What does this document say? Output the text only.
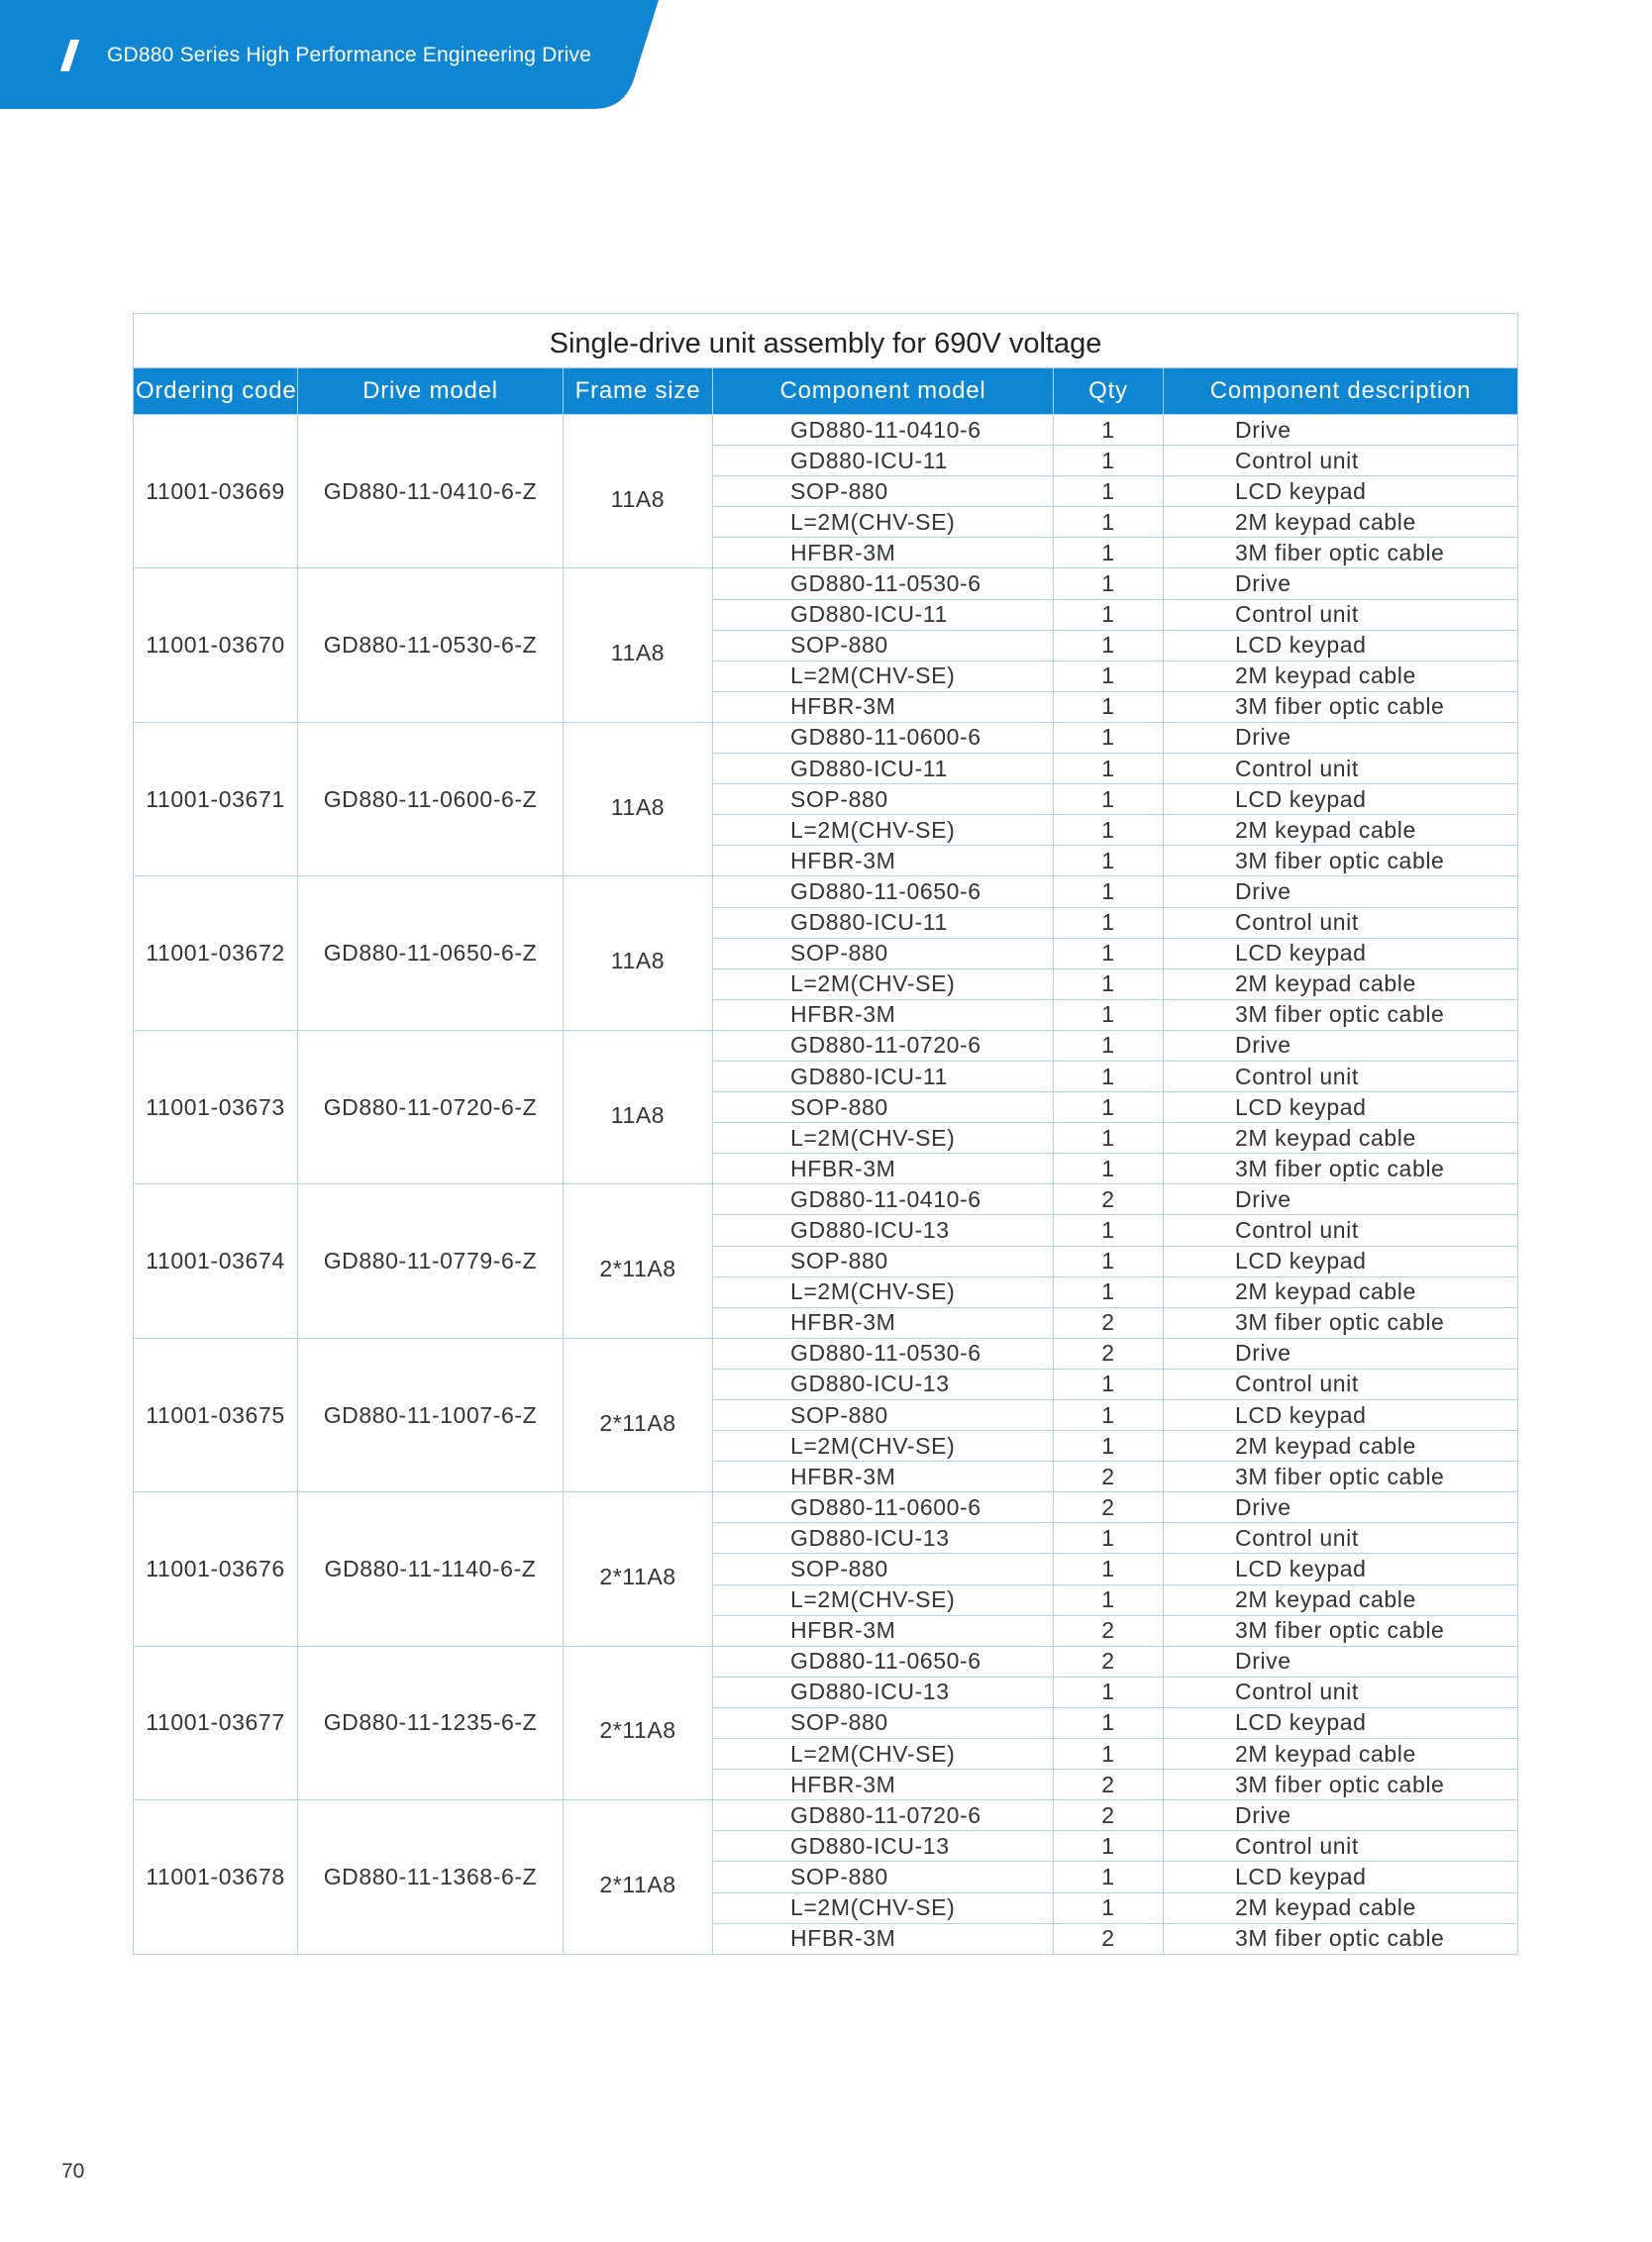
GD880 Series High Performance Engineering Drive
Single-drive unit assembly for 690V voltage					
Ordering code	Drive model	Frame size	Component model	Qty	Component description
11001-03669	GD880-11-0410-6-Z	11A8	GD880-11-0410-6	1	Drive
			GD880-ICU-11	1	Control unit
			SOP-880	1	LCD keypad
			L=2M(CHV-SE)	1	2M keypad cable
			HFBR-3M	1	3M fiber optic cable
11001-03670	GD880-11-0530-6-Z	11A8	GD880-11-0530-6	1	Drive
			GD880-ICU-11	1	Control unit
			SOP-880	1	LCD keypad
			L=2M(CHV-SE)	1	2M keypad cable
			HFBR-3M	1	3M fiber optic cable
11001-03671	GD880-11-0600-6-Z	11A8	GD880-11-0600-6	1	Drive
			GD880-ICU-11	1	Control unit
			SOP-880	1	LCD keypad
			L=2M(CHV-SE)	1	2M keypad cable
			HFBR-3M	1	3M fiber optic cable
11001-03672	GD880-11-0650-6-Z	11A8	GD880-11-0650-6	1	Drive
			GD880-ICU-11	1	Control unit
			SOP-880	1	LCD keypad
			L=2M(CHV-SE)	1	2M keypad cable
			HFBR-3M	1	3M fiber optic cable
11001-03673	GD880-11-0720-6-Z	11A8	GD880-11-0720-6	1	Drive
			GD880-ICU-11	1	Control unit
			SOP-880	1	LCD keypad
			L=2M(CHV-SE)	1	2M keypad cable
			HFBR-3M	1	3M fiber optic cable
11001-03674	GD880-11-0779-6-Z	2*11A8	GD880-11-0410-6	2	Drive
			GD880-ICU-13	1	Control unit
			SOP-880	1	LCD keypad
			L=2M(CHV-SE)	1	2M keypad cable
			HFBR-3M	2	3M fiber optic cable
11001-03675	GD880-11-1007-6-Z	2*11A8	GD880-11-0530-6	2	Drive
			GD880-ICU-13	1	Control unit
			SOP-880	1	LCD keypad
			L=2M(CHV-SE)	1	2M keypad cable
			HFBR-3M	2	3M fiber optic cable
11001-03676	GD880-11-1140-6-Z	2*11A8	GD880-11-0600-6	2	Drive
			GD880-ICU-13	1	Control unit
			SOP-880	1	LCD keypad
			L=2M(CHV-SE)	1	2M keypad cable
			HFBR-3M	2	3M fiber optic cable
11001-03677	GD880-11-1235-6-Z	2*11A8	GD880-11-0650-6	2	Drive
			GD880-ICU-13	1	Control unit
			SOP-880	1	LCD keypad
			L=2M(CHV-SE)	1	2M keypad cable
			HFBR-3M	2	3M fiber optic cable
11001-03678	GD880-11-1368-6-Z	2*11A8	GD880-11-0720-6	2	Drive
			GD880-ICU-13	1	Control unit
			SOP-880	1	LCD keypad
			L=2M(CHV-SE)	1	2M keypad cable
			HFBR-3M	2	3M fiber optic cable
70
